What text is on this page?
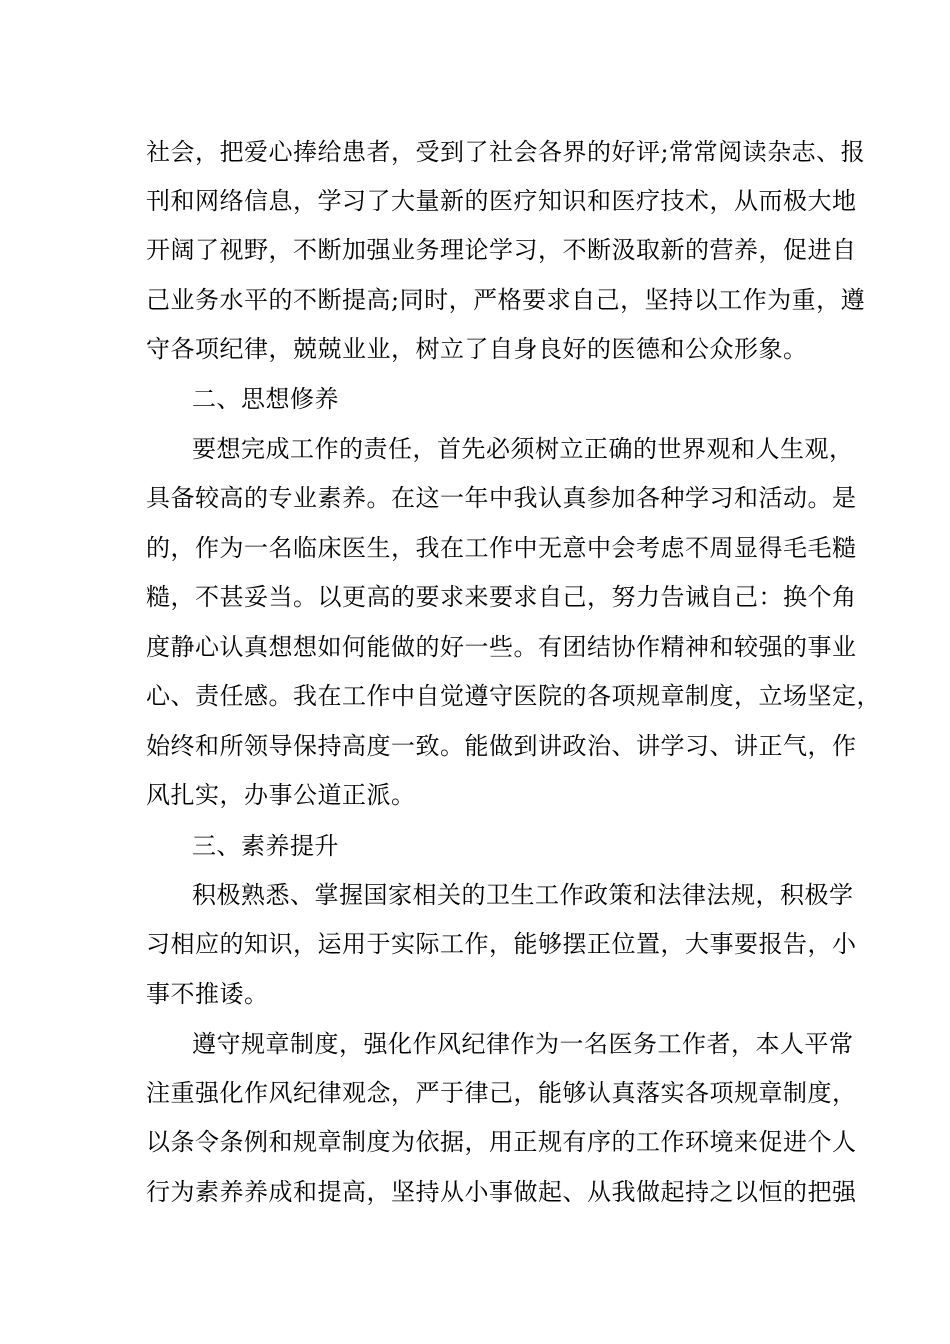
社会，把爱心捧给患者，受到了社会各界的好评;常常阅读杂志、报
刊和网络信息，学习了大量新的医疗知识和医疗技术，从而极大地
开阔了视野，不断加强业务理论学习，不断汲取新的营养，促进自
己业务水平的不断提高;同时，严格要求自己，坚持以工作为重，遵
守各项纪律，兢兢业业，树立了自身良好的医德和公众形象。
二、思想修养
要想完成工作的责任，首先必须树立正确的世界观和人生观，
具备较高的专业素养。在这一年中我认真参加各种学习和活动。是
的，作为一名临床医生，我在工作中无意中会考虑不周显得毛毛糙
糙，不甚妥当。以更高的要求来要求自己，努力告诫自己：换个角
度静心认真想想如何能做的好一些。有团结协作精神和较强的事业
心、责任感。我在工作中自觉遵守医院的各项规章制度，立场坚定，
始终和所领导保持高度一致。能做到讲政治、讲学习、讲正气，作
风扎实，办事公道正派。
三、素养提升
积极熟悉、掌握国家相关的卫生工作政策和法律法规，积极学
习相应的知识，运用于实际工作，能够摆正位置，大事要报告，小
事不推诿。
遵守规章制度，强化作风纪律作为一名医务工作者，本人平常
注重强化作风纪律观念，严于律己，能够认真落实各项规章制度，
以条令条例和规章制度为依据，用正规有序的工作环境来促进个人
行为素养养成和提高，坚持从小事做起、从我做起持之以恒的把强
